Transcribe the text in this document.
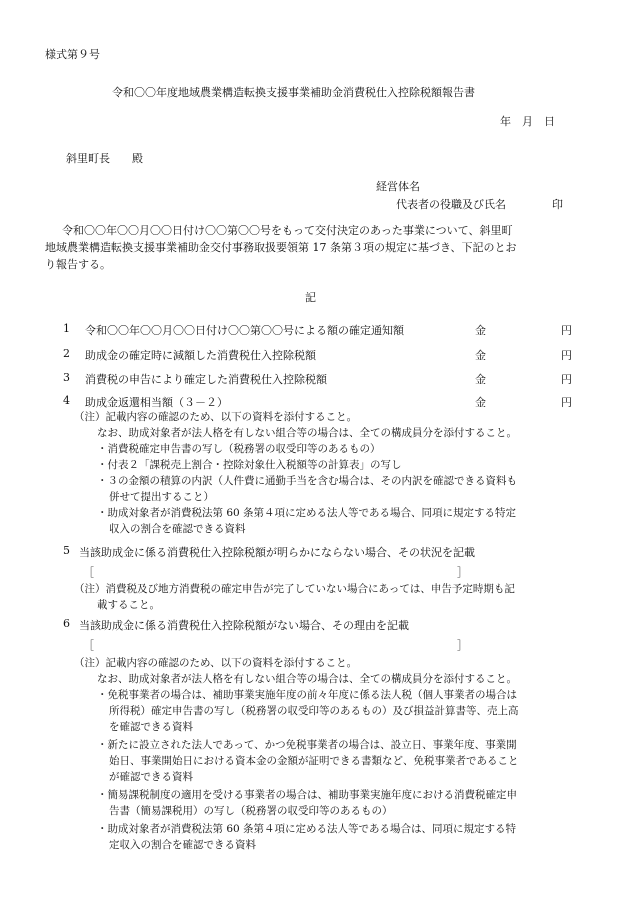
様式第９号
令和〇〇年度地域農業構造転換支援事業補助金消費税仕入控除税額報告書
年　月　日
斜里町長　　殿
経営体名
代表者の役職及び氏名	印
令和〇〇年〇〇月〇〇日付け〇〇第〇〇号をもって交付決定のあった事業について、斜里町
地域農業構造転換支援事業補助金交付事務取扱要領第 17 条第３項の規定に基づき、下記のとお
り報告する。
記
1 令和〇〇年〇〇月〇〇日付け〇〇第〇〇号による額の確定通知額	金	円
2 助成金の確定時に減額した消費税仕入控除税額	金	円
3 消費税の申告により確定した消費税仕入控除税額	金	円
4 助成金返還相当額（３－２）	金	円
（注）記載内容の確認のため、以下の資料を添付すること。
なお、助成対象者が法人格を有しない組合等の場合は、全ての構成員分を添付すること。
・消費税確定申告書の写し（税務署の収受印等のあるもの）
・付表２「課税売上割合・控除対象仕入税額等の計算表」の写し
・３の金額の積算の内訳（人件費に通勤手当を含む場合は、その内訳を確認できる資料も
併せて提出すること）
・助成対象者が消費税法第 60 条第４項に定める法人等である場合、同項に規定する特定
収入の割合を確認できる資料
5 当該助成金に係る消費税仕入控除税額が明らかにならない場合、その状況を記載
［	］
（注）消費税及び地方消費税の確定申告が完了していない場合にあっては、申告予定時期も記
載すること。
6 当該助成金に係る消費税仕入控除税額がない場合、その理由を記載
［	］
（注）記載内容の確認のため、以下の資料を添付すること。
なお、助成対象者が法人格を有しない組合等の場合は、全ての構成員分を添付すること。
・免税事業者の場合は、補助事業実施年度の前々年度に係る法人税（個人事業者の場合は
所得税）確定申告書の写し（税務署の収受印等のあるもの）及び損益計算書等、売上高
を確認できる資料
・新たに設立された法人であって、かつ免税事業者の場合は、設立日、事業年度、事業開
始日、事業開始日における資本金の金額が証明できる書類など、免税事業者であること
が確認できる資料
・簡易課税制度の適用を受ける事業者の場合は、補助事業実施年度における消費税確定申
告書（簡易課税用）の写し（税務署の収受印等のあるもの）
・助成対象者が消費税法第 60 条第４項に定める法人等である場合は、同項に規定する特
定収入の割合を確認できる資料
